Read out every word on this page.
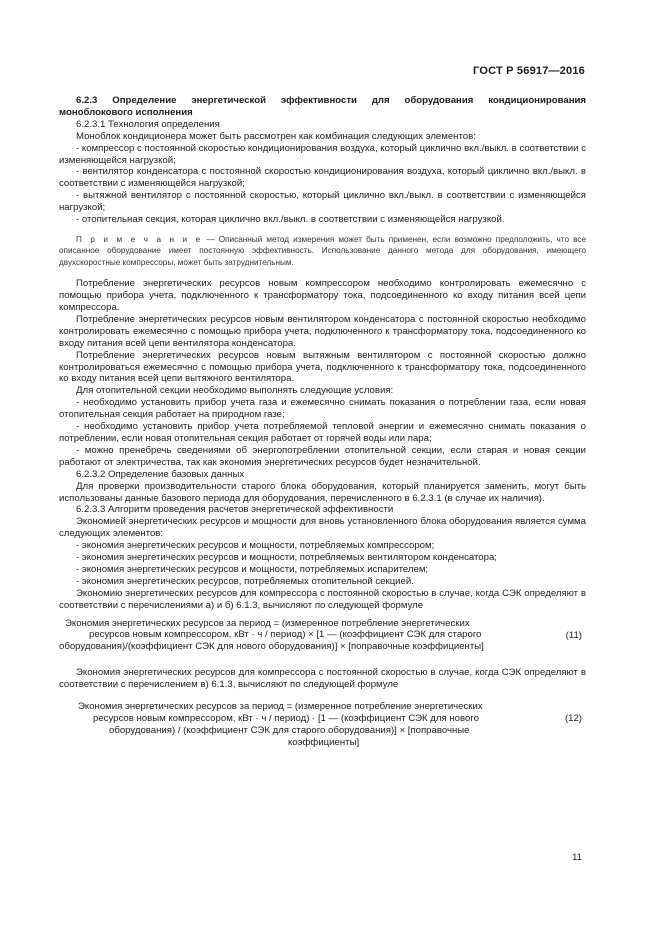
ГОСТ Р 56917—2016

6.2.3 Определение энергетической эффективности для оборудования кондиционирования моноблокового исполнения

6.2.3.1 Технология определения

Моноблок кондиционера может быть рассмотрен как комбинация следующих элементов:

- компрессор с постоянной скоростью кондиционирования воздуха, который циклично вкл./выкл. в соответствии с изменяющейся нагрузкой;

- вентилятор конденсатора с постоянной скоростью кондиционирования воздуха, который циклично вкл./выкл. в соответствии с изменяющейся нагрузкой;

- вытяжной вентилятор с постоянной скоростью, который циклично вкл./выкл. в соответствии с изменяющейся нагрузкой;

- отопительная секция, которая циклично вкл./выкл. в соответствии с изменяющейся нагрузкой.

П р и м е ч а н и е — Описанный метод измерения может быть применен, если возможно предположить, что все описанное оборудование имеет постоянную эффективность. Использование данного метода для оборудования, имеющего двухскоростные компрессоры, может быть затруднительным.

Потребление энергетических ресурсов новым компрессором необходимо контролировать ежемесячно с помощью прибора учета, подключенного к трансформатору тока, подсоединенного ко входу питания всей цепи компрессора.

Потребление энергетических ресурсов новым вентилятором конденсатора с постоянной скоростью необходимо контролировать ежемесячно с помощью прибора учета, подключенного к трансформатору тока, подсоединенного ко входу питания всей цепи вентилятора конденсатора.

Потребление энергетических ресурсов новым вытяжным вентилятором с постоянной скоростью должно контролироваться ежемесячно с помощью прибора учета, подключенного к трансформатору тока, подсоединенного ко входу питания всей цепи вытяжного вентилятора.

Для отопительной секции необходимо выполнять следующие условия:

- необходимо установить прибор учета газа и ежемесячно снимать показания о потреблении газа, если новая отопительная секция работает на природном газе;

- необходимо установить прибор учета потребляемой тепловой энергии и ежемесячно снимать показания о потреблении, если новая отопительная секция работает от горячей воды или пара;

- можно пренебречь сведениями об энергопотреблении отопительной секции, если старая и новая секции работают от электричества, так как экономия энергетических ресурсов будет незначительной.

6.2.3.2 Определение базовых данных

Для проверки производительности старого блока оборудования, который планируется заменить, могут быть использованы данные базового периода для оборудования, перечисленного в 6.2.3.1 (в случае их наличия).

6.2.3.3 Алгоритм проведения расчетов энергетической эффективности

Экономией энергетических ресурсов и мощности для вновь установленного блока оборудования является сумма следующих элементов:

- экономия энергетических ресурсов и мощности, потребляемых компрессором;

- экономия энергетических ресурсов и мощности, потребляемых вентилятором конденсатора;

- экономия энергетических ресурсов и мощности, потребляемых испарителем;

- экономия энергетических ресурсов, потребляемых отопительной секцией.

Экономию энергетических ресурсов для компрессора с постоянной скоростью в случае, когда СЭК определяют в соответствии с перечислениями а) и б) 6.1.3, вычисляют по следующей формуле

Экономия энергетических ресурсов за период = (измеренное потребление энергетических
ресурсов новым компрессором, кВт · ч / период) × [1 — (коэффициент СЭК для старого
оборудования)/(коэффициент СЭК для нового оборудования)] × [поправочные коэффициенты]
(11)

Экономия энергетических ресурсов для компрессора с постоянной скоростью в случае, когда СЭК определяют в соответствии с перечислением в) 6.1.3, вычисляют по следующей формуле

Экономия энергетических ресурсов за период = (измеренное потребление энергетических
ресурсов новым компрессором, кВт · ч / период) · [1 — (коэффициент СЭК для нового
оборудования) / (коэффициент СЭК для старого оборудования)] × [поправочные
коэффициенты]
(12)
11
